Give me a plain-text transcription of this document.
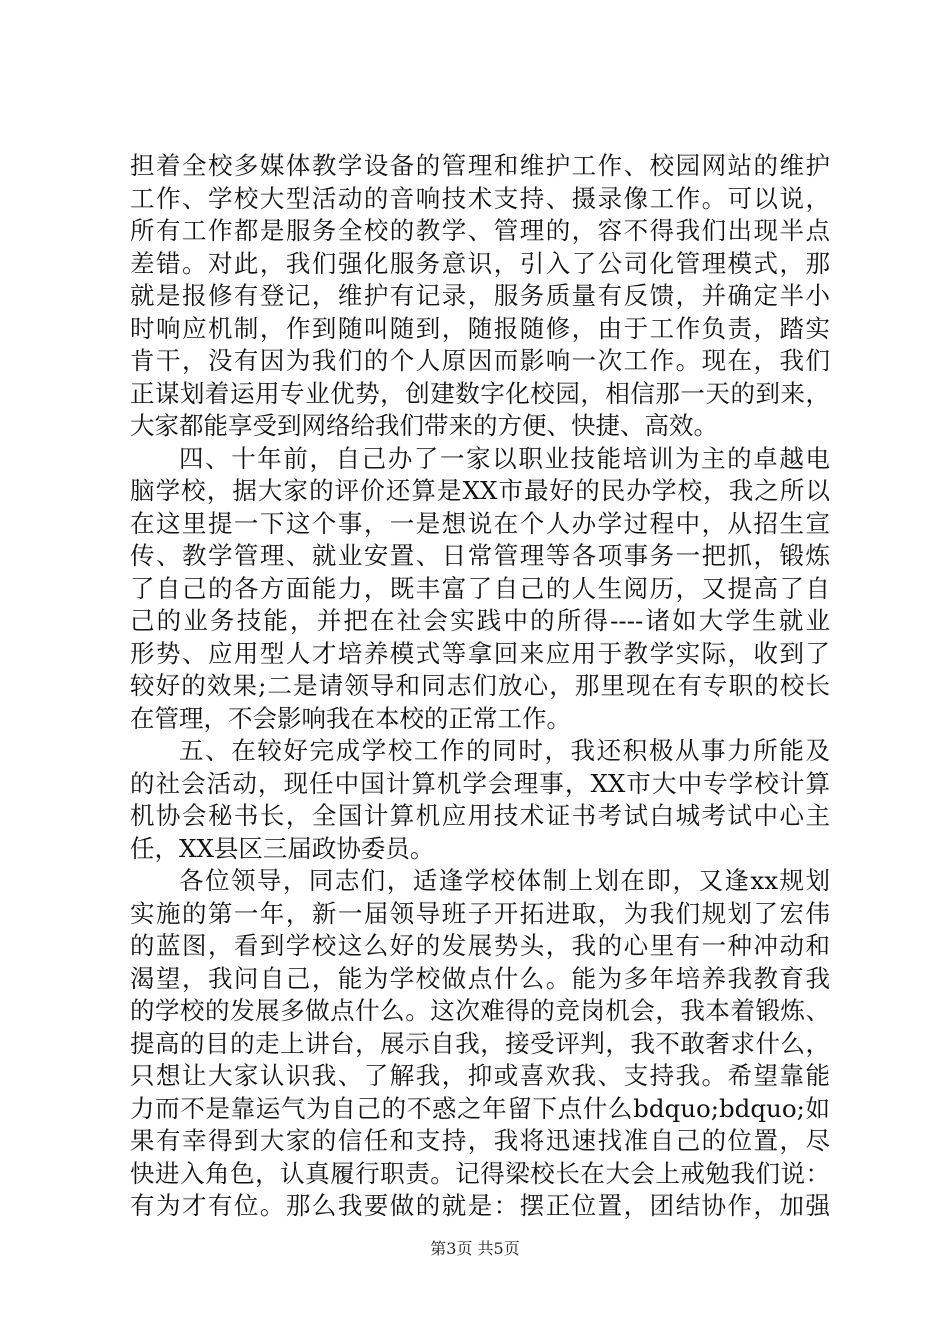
担着全校多媒体教学设备的管理和维护工作、校园网站的维护
工作、学校大型活动的音响技术支持、摄录像工作。可以说，
所有工作都是服务全校的教学、管理的，容不得我们出现半点
差错。对此，我们强化服务意识，引入了公司化管理模式，那
就是报修有登记，维护有记录，服务质量有反馈，并确定半小
时响应机制，作到随叫随到，随报随修，由于工作负责，踏实
肯干，没有因为我们的个人原因而影响一次工作。现在，我们
正谋划着运用专业优势，创建数字化校园，相信那一天的到来，
大家都能享受到网络给我们带来的方便、快捷、高效。
四、十年前，自己办了一家以职业技能培训为主的卓越电
脑学校，据大家的评价还算是XX市最好的民办学校，我之所以
在这里提一下这个事，一是想说在个人办学过程中，从招生宣
传、教学管理、就业安置、日常管理等各项事务一把抓，锻炼
了自己的各方面能力，既丰富了自己的人生阅历，又提高了自
己的业务技能，并把在社会实践中的所得----诸如大学生就业
形势、应用型人才培养模式等拿回来应用于教学实际，收到了
较好的效果;二是请领导和同志们放心，那里现在有专职的校长
在管理，不会影响我在本校的正常工作。
五、在较好完成学校工作的同时，我还积极从事力所能及
的社会活动，现任中国计算机学会理事，XX市大中专学校计算
机协会秘书长，全国计算机应用技术证书考试白城考试中心主
任，XX县区三届政协委员。
各位领导，同志们，适逢学校体制上划在即，又逢xx规划
实施的第一年，新一届领导班子开拓进取，为我们规划了宏伟
的蓝图，看到学校这么好的发展势头，我的心里有一种冲动和
渴望，我问自己，能为学校做点什么。能为多年培养我教育我
的学校的发展多做点什么。这次难得的竞岗机会，我本着锻炼、
提高的目的走上讲台，展示自我，接受评判，我不敢奢求什么，
只想让大家认识我、了解我，抑或喜欢我、支持我。希望靠能
力而不是靠运气为自己的不惑之年留下点什么bdquo;bdquo;如
果有幸得到大家的信任和支持，我将迅速找准自己的位置，尽
快进入角色，认真履行职责。记得梁校长在大会上戒勉我们说：
有为才有位。那么我要做的就是：摆正位置，团结协作，加强
第3页 共5页
